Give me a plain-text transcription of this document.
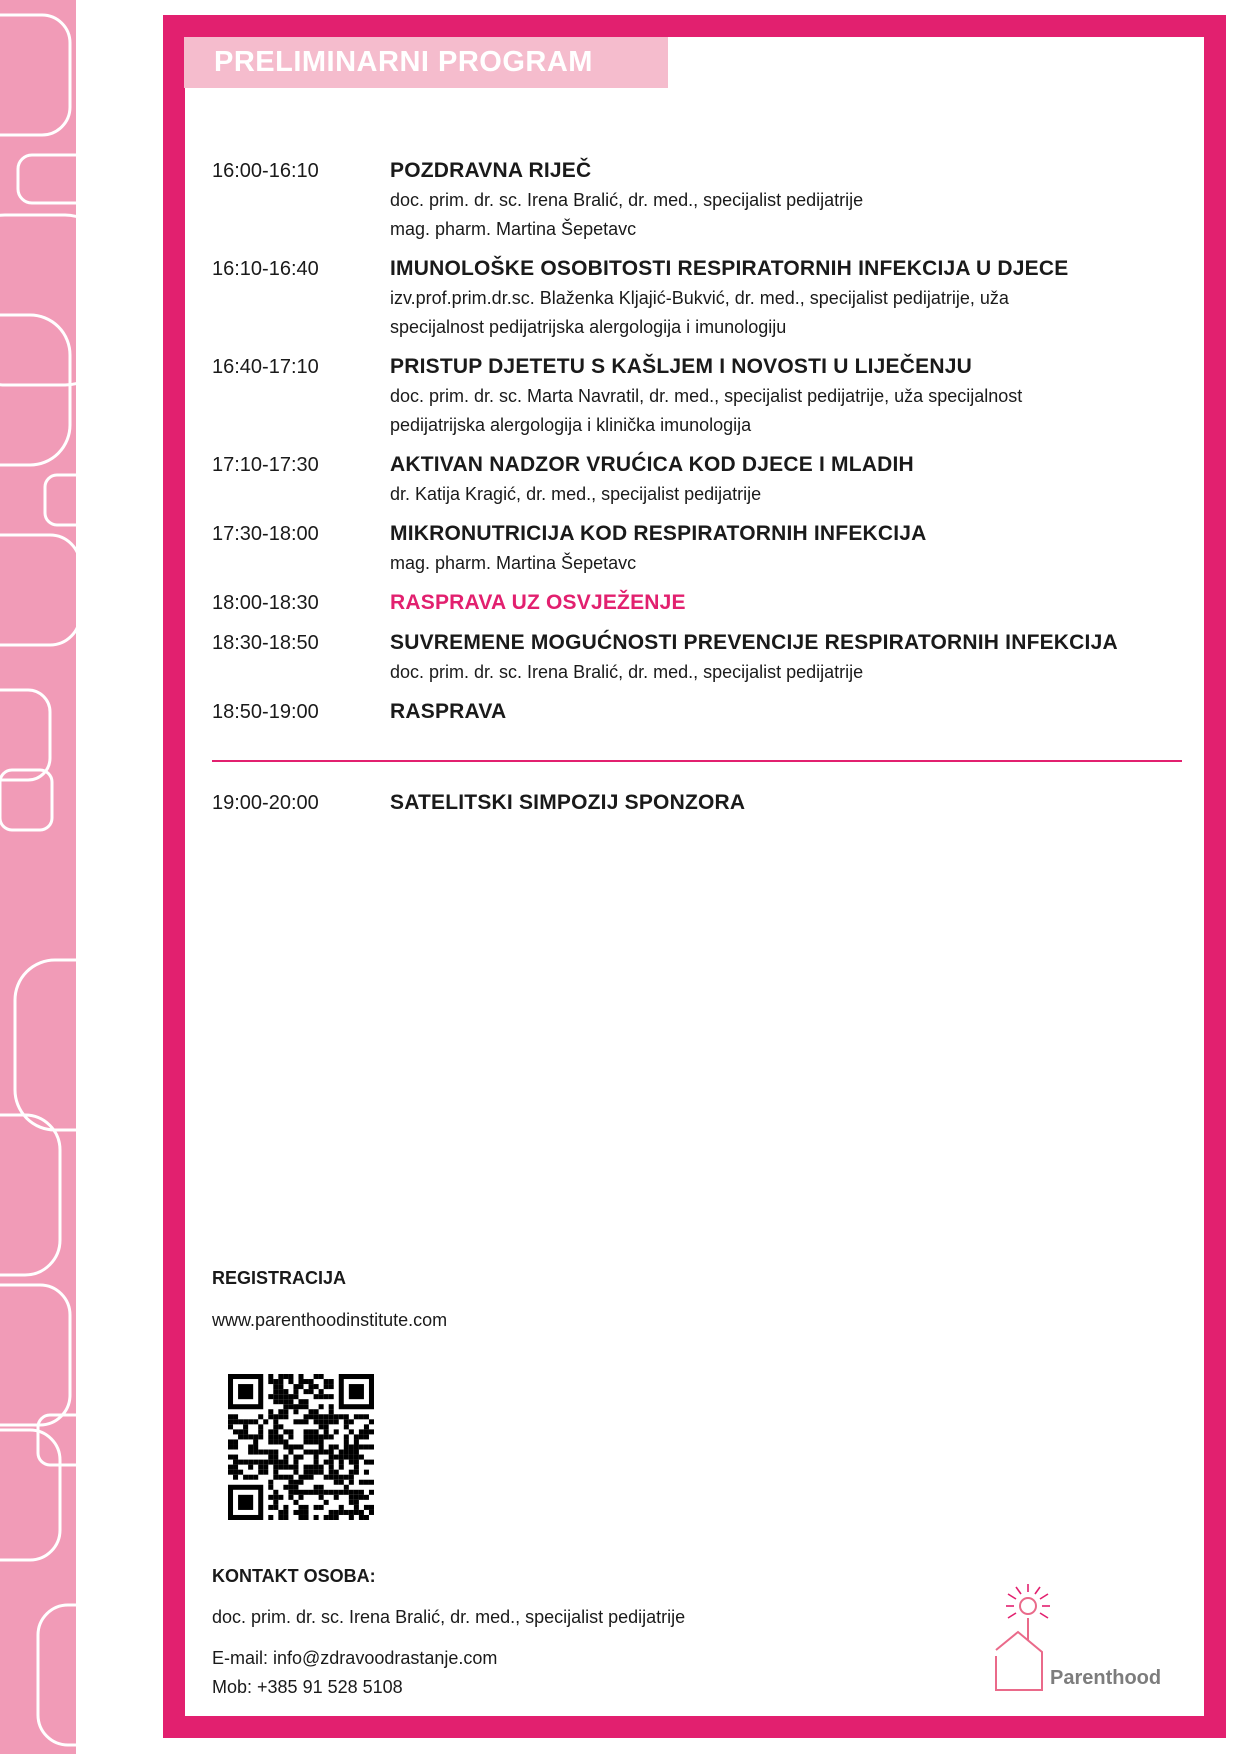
PRELIMINARNI PROGRAM
16:00-16:10	POZDRAVNA RIJEČ
doc. prim. dr. sc. Irena Bralić, dr. med., specijalist pedijatrije
mag. pharm. Martina Šepetavc
16:10-16:40	IMUNOLOŠKE OSOBITOSTI RESPIRATORNIH INFEKCIJA U DJECE
izv.prof.prim.dr.sc. Blaženka Kljajić-Bukvić, dr. med., specijalist pedijatrije, uža
specijalnost pedijatrijska alergologija i imunologiju
16:40-17:10	PRISTUP DJETETU S KAŠLJEM I NOVOSTI U LIJEČENJU
doc. prim. dr. sc. Marta Navratil, dr. med., specijalist pedijatrije, uža specijalnost
pedijatrijska alergologija i klinička imunologija
17:10-17:30	AKTIVAN NADZOR VRUĆICA KOD DJECE I MLADIH
dr. Katija Kragić, dr. med., specijalist pedijatrije
17:30-18:00	MIKRONUTRICIJA KOD RESPIRATORNIH INFEKCIJA
mag. pharm. Martina Šepetavc
18:00-18:30	RASPRAVA UZ OSVJEŽENJE
18:30-18:50	SUVREMENE MOGUĆNOSTI PREVENCIJE RESPIRATORNIH INFEKCIJA
doc. prim. dr. sc. Irena Bralić, dr. med., specijalist pedijatrije
18:50-19:00	RASPRAVA
19:00-20:00	SATELITSKI SIMPOZIJ SPONZORA
REGISTRACIJA
www.parenthoodinstitute.com
KONTAKT OSOBA:
doc. prim. dr. sc. Irena Bralić, dr. med., specijalist pedijatrije
E-mail: info@zdravoodrastanje.com
Mob: +385 91 528 5108	Parenthood
